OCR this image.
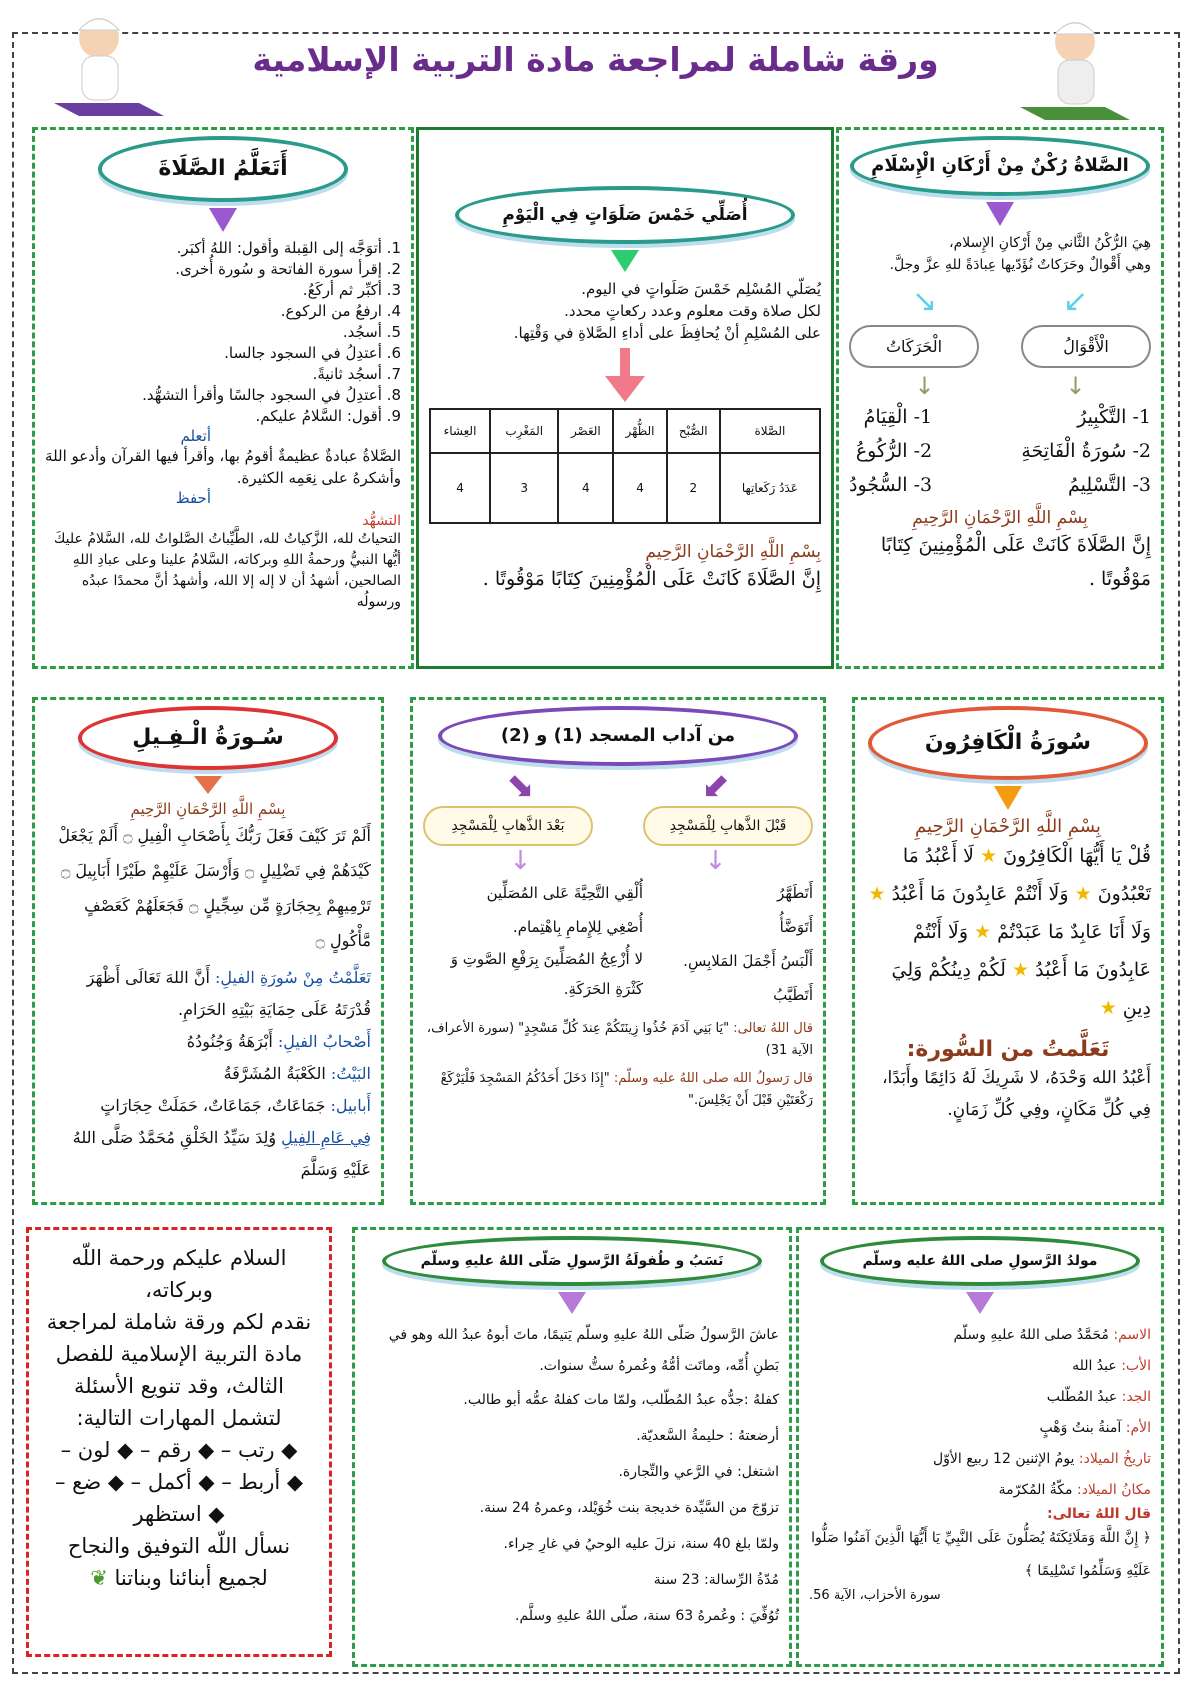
ورقة شاملة لمراجعة مادة التربية الإسلامية
الصَّلاةُ رُكْنٌ مِنْ أَرْكَانِ الْإِسْلَامِ
هِيَ الرُّكْنُ الثَّاني مِنْ أَرْكانِ الإِسلام،
وهي أَقْوالٌ وحَرَكاتٌ نُؤَدّيها عِبادَةً للهِ عزَّ وجلَّ.
↙
↘
الْأَقْوَالُ
الْحَرَكَاتُ
↓
↓
1- التَّكْبِيرُ
2- سُورَةُ الْفَاتِحَةِ
3- التَّسْلِيمُ
1- الْقِيَامُ
2- الرُّكُوعُ
3- السُّجُودُ
بِسْمِ اللَّهِ الرَّحْمَانِ الرَّحِيمِ
إِنَّ الصَّلَاةَ كَانَتْ عَلَى الْمُؤْمِنِينَ كِتَابًا مَوْقُوتًا .
أُصَلِّي خَمْسَ صَلَوَاتٍ فِي الْيَوْمِ
يُصَلّي المُسْلِم خَمْسَ صَلَواتٍ في اليوم.
لكل صلاة وقت معلوم وعدد ركعاتٍ محدد.
على المُسْلِمِ أنْ يُحافِظَ على أداءِ الصَّلاةِ في وَقْتِها.
الصَّلاة	الصُّبْح	الظُّهْر	العَصْر	المَغْرِب	العِشاء
عَدَدُ رَكَعاتِها	2	4	4	3	4
بِسْمِ اللَّهِ الرَّحْمَانِ الرَّحِيمِ
إِنَّ الصَّلَاةَ كَانَتْ عَلَى الْمُؤْمِنِينَ كِتَابًا مَوْقُوتًا .
أَتَعَلَّمُ الصَّلَاةَ
1. أتوَجَّه إلى القِبلة وأقول: اللهُ أكبَر.
2. إقرأ سورة الفاتحة و سُورة أُخرى.
3. أكبِّر ثم أركَعُ.
4. ارفعُ من الركوع.
5. أسجُد.
6. أعتدِلُ في السجود جالسا.
7. أسجُد ثانيةً.
8. أعتدِلُ في السجود جالسًا وأقرأ التشهُّد.
9. أقول: السَّلامُ عليكم.
أتعلم
الصَّلاةُ عبادةٌ عظيمةٌ أقومُ بها، وأقرأ فيها القرآن وأدعو اللهَ وأشكرهُ على نِعَمِه الكثيرة.
أحفظ
التشهُّد
التحياتُ لله، الزَّكياتُ لله، الطَّيِّباتُ الصَّلواتُ لله، السَّلامُ عليكَ أيُّها النبيُّ ورحمةُ اللهِ وبركاته، السَّلامُ علينا وعلى عبادِ اللهِ الصالحين، أشهدُ أن لا إله إلا الله، وأشهدُ أنَّ محمدًا عبدُه ورسولُه
سُورَةُ الْكَافِرُونَ
بِسْمِ اللَّهِ الرَّحْمَانِ الرَّحِيمِ
قُلْ يَا أَيُّهَا الْكَافِرُونَ ★ لَا أَعْبُدُ مَا تَعْبُدُونَ ★ وَلَا أَنْتُمْ عَابِدُونَ مَا أَعْبُدُ ★ وَلَا أَنَا عَابِدٌ مَا عَبَدْتُمْ ★ وَلَا أَنْتُمْ عَابِدُونَ مَا أَعْبُدُ ★ لَكُمْ دِينُكُمْ وَلِيَ دِينِ ★
تَعَلَّمتُ من السُّورة:
أَعْبُدُ الله وَحْدَهُ، لا شَرِيكَ لَهُ دَائِمًا وأَبَدًا، فِي كُلِّ مَكَانٍ، وفِي كُلِّ زَمَانٍ.
من آداب المسجد (1) و (2)
⬋
⬊
قَبْلَ الذَّهابِ لِلْمَسْجِدِ
بَعْدَ الذَّهابِ لِلْمَسْجِدِ
↓
↓
أَتَطَهَّرُ
أَتَوَضَّأُ
أَلْبَسُ أَجْمَلَ المَلابِسِ.
أَتَطَيَّبُ
أُلْقِي التَّحِيَّةَ عَلى المُصَلِّين
أُصْغِي لِلإِمامِ بِاهْتِمام.
لا أُزْعِجُ المُصَلِّينَ بِرَفْعِ الصَّوتِ وَ كَثْرَةِ الحَرَكَةِ.
قال اللهُ تعالى: "يَا بَنِي آدَمَ خُذُوا زِينَتَكُمْ عِندَ كُلِّ مَسْجِدٍ" (سورة الأعراف، الآية 31)
قال رَسولُ الله صلى اللهُ عليه وسلّم: "إِذَا دَخَلَ أَحَدُكُمُ المَسْجِدَ فَلْيَرْكَعْ رَكْعَتَيْنِ قَبْلَ أَنْ يَجْلِسَ."
سُـورَةُ الْـفِـيلِ
بِسْمِ اللَّهِ الرَّحْمَانِ الرَّحِيمِ
أَلَمْ تَرَ كَيْفَ فَعَلَ رَبُّكَ بِأَصْحَابِ الْفِيلِ ۝ أَلَمْ يَجْعَلْ كَيْدَهُمْ فِي تَضْلِيلٍ ۝ وَأَرْسَلَ عَلَيْهِمْ طَيْرًا أَبَابِيلَ ۝ تَرْمِيهِمْ بِحِجَارَةٍ مِّن سِجِّيلٍ ۝ فَجَعَلَهُمْ كَعَصْفٍ مَّأْكُولٍ ۝
تَعَلَّمْتُ مِنْ سُورَةِ الفيلِ: أَنَّ اللهَ تَعَالَى أَظْهَرَ قُدْرَتَهُ عَلَى حِمَايَةِ بَيْتِهِ الحَرَامِ.
أَصْحابُ الفيلِ: أَبْرَهَةُ وَجُنُودُهُ
البَيْتُ: الكَعْبَةُ المُشَرَّفَةُ
أَبابيل: جَمَاعَاتٌ، جَمَاعَاتٌ، حَمَلَتْ حِجَارَاتٍ
فِي عَامِ الفِيلِ وُلِدَ سَيِّدُ الخَلْقِ مُحَمَّدٌ صَلَّى اللهُ عَلَيْهِ وَسَلَّمَ
مولدُ الرَّسولِ صلى اللهُ عليه وسلّم
الاسم: مُحَمَّدٌ صلى اللهُ عليهِ وسلّم
الأب: عبدُ الله
الجد: عبدُ المُطّلب
الأم: آمنةُ بنتُ وَهْبٍ
تاريخُ الميلاد: يومُ الإثنين 12 ربيع الأوّل
مكانُ الميلاد: مكّةُ المُكرّمة
قال اللهُ تعالى:
﴿ إِنَّ اللَّهَ وَمَلَائِكَتَهُ يُصَلُّونَ عَلَى النَّبِيِّ يَا أَيُّهَا الَّذِينَ آمَنُوا صَلُّوا عَلَيْهِ وَسَلِّمُوا تَسْلِيمًا ﴾
سورة الأحزاب، الآية 56.
نَسَبُ و طُفولَةُ الرَّسولِ صَلّى اللهُ عليهِ وسلّم
عاشَ الرَّسولُ صَلّى اللهُ عليهِ وسلّم يَتيمًا، ماتَ أبوهُ عبدُ الله وهو في بَطنِ أُمِّه، وماتَت أمُّهُ وعُمرهُ ستُّ سنوات.
كفلهُ :جدُّه عبدُ المُطّلب، ولمّا مات كفلهُ عمُّه أبو طالب.
أرضعتهُ : حليمةُ السَّعديّة.
اشتغل: في الرَّعي والتِّجارة.
تزوّجَ من السَّيِّدة خديجة بنت خُوَيْلد، وعمرهُ 24 سنة.
ولمّا بلغ 40 سنة، نزلَ عليه الوحيُ في غارِ حِراء.
مُدّةُ الرِّسالة: 23 سنة
تُوُفِّيَ : وعُمرهُ 63 سنة، صلّى اللهُ عليهِ وسلَّم.
السلام عليكم ورحمة اللّه وبركاته،
نقدم لكم ورقة شاملة لمراجعة مادة التربية الإسلامية للفصل الثالث، وقد تنويع الأسئلة لتشمل المهارات التالية:
◆ رتب – ◆ رقم – ◆ لون –
◆ أربط – ◆ أكمل – ◆ ضع –
◆ استظهر
نسأل اللّه التوفيق والنجاح لجميع أبنائنا وبناتنا ❦
